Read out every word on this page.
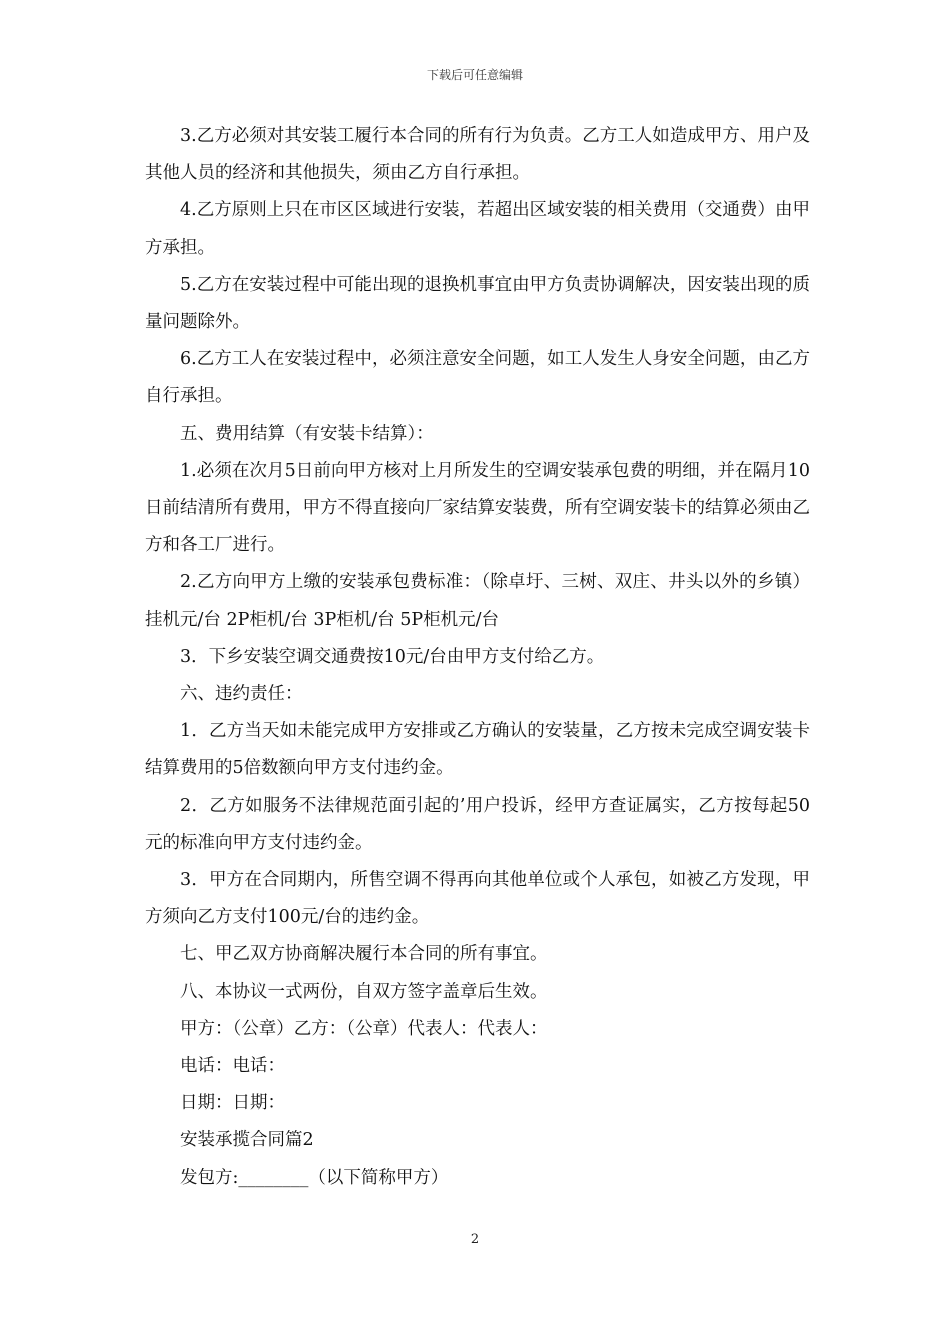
下载后可任意编辑

3.乙方必须对其安装工履行本合同的所有行为负责。乙方工人如造成甲方、用户及其他人员的经济和其他损失，须由乙方自行承担。

4.乙方原则上只在市区区域进行安装，若超出区域安装的相关费用（交通费）由甲方承担。

5.乙方在安装过程中可能出现的退换机事宜由甲方负责协调解决，因安装出现的质量问题除外。

6.乙方工人在安装过程中，必须注意安全问题，如工人发生人身安全问题，由乙方自行承担。

五、费用结算（有安装卡结算）：

1.必须在次月5日前向甲方核对上月所发生的空调安装承包费的明细，并在隔月10日前结清所有费用，甲方不得直接向厂家结算安装费，所有空调安装卡的结算必须由乙方和各工厂进行。

2.乙方向甲方上缴的安装承包费标准：（除卓圩、三树、双庄、井头以外的乡镇）挂机元/台 2P柜机/台 3P柜机/台 5P柜机元/台

3．下乡安装空调交通费按10元/台由甲方支付给乙方。

六、违约责任：

1．乙方当天如未能完成甲方安排或乙方确认的安装量，乙方按未完成空调安装卡结算费用的5倍数额向甲方支付违约金。

2．乙方如服务不法律规范面引起的’用户投诉，经甲方查证属实，乙方按每起50元的标准向甲方支付违约金。

3．甲方在合同期内，所售空调不得再向其他单位或个人承包，如被乙方发现，甲方须向乙方支付100元/台的违约金。

七、甲乙双方协商解决履行本合同的所有事宜。

八、本协议一式两份，自双方签字盖章后生效。

甲方：（公章）乙方：（公章）代表人：代表人：

电话：电话：

日期：日期：

安装承揽合同篇2

发包方:________（以下简称甲方）

2
